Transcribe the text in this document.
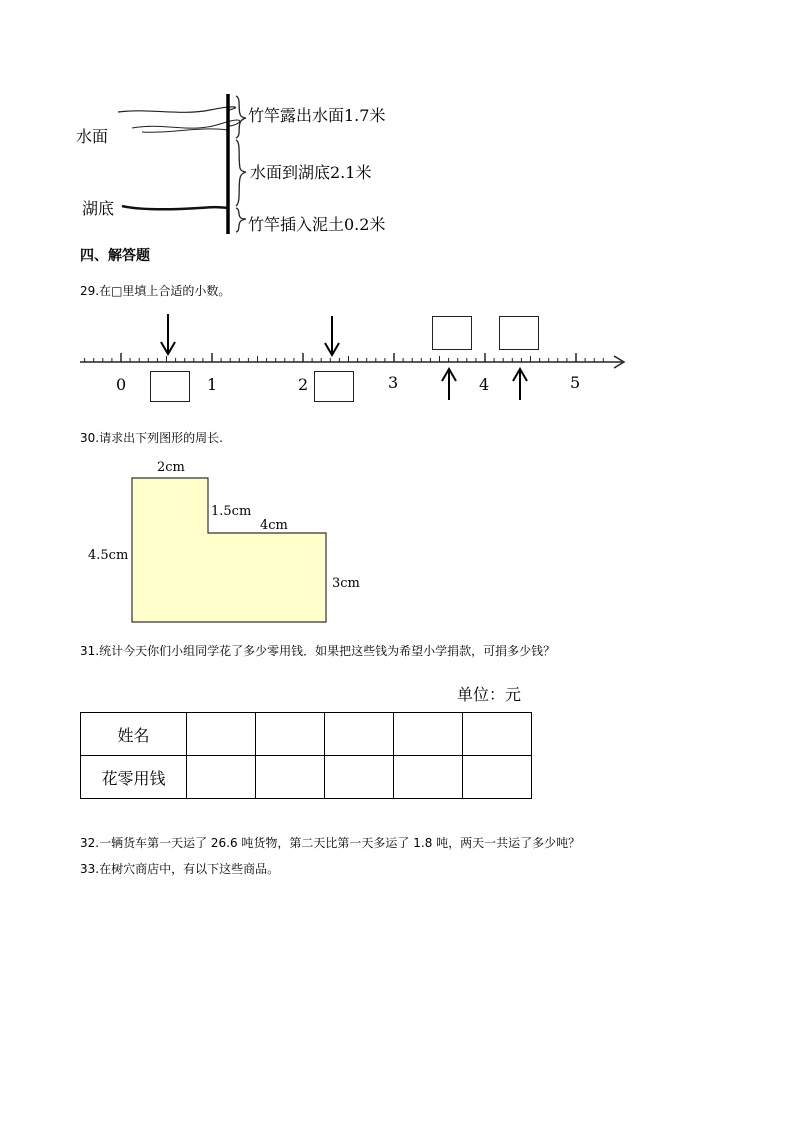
水面
湖底
竹竿露出水面1.7米
水面到湖底2.1米
竹竿插入泥土0.2米
四、解答题
29.在□里填上合适的小数。
0	1	2	3	4	5
30.请求出下列图形的周长.
2cm
1.5cm
4cm
4.5cm
3cm
31.统计今天你们小组同学花了多少零用钱．如果把这些钱为希望小学捐款，可捐多少钱？
单位：元
姓名					
花零用钱					
32.一辆货车第一天运了 26.6 吨货物，第二天比第一天多运了 1.8 吨，两天一共运了多少吨？
33.在树穴商店中，有以下这些商品。
